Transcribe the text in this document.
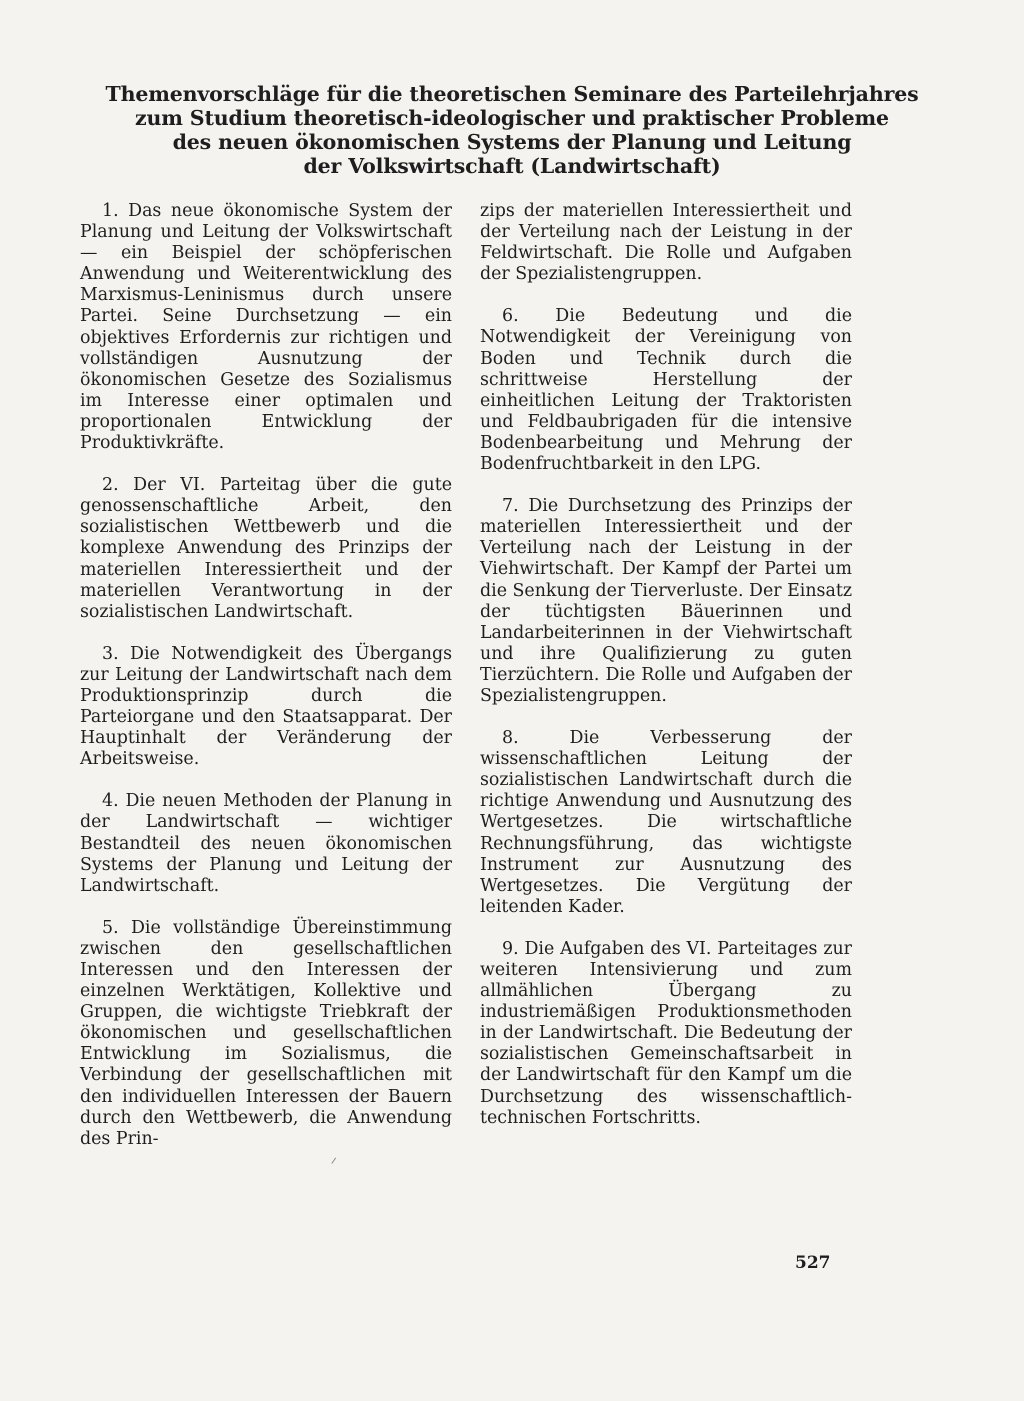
Themenvorschläge für die theoretischen Seminare des Parteilehrjahres
zum Studium theoretisch-ideologischer und praktischer Probleme
des neuen ökonomischen Systems der Planung und Leitung
der Volkswirtschaft (Landwirtschaft)

1. Das neue ökonomische System der Planung und Leitung der Volkswirtschaft — ein Beispiel der schöpferischen Anwendung und Weiterentwicklung des Marxismus-Leninismus durch unsere Partei. Seine Durchsetzung — ein objektives Erfordernis zur richtigen und vollständigen Ausnutzung der ökonomischen Gesetze des Sozialismus im Interesse einer optimalen und proportionalen Entwicklung der Produktivkräfte.

2. Der VI. Parteitag über die gute genossenschaftliche Arbeit, den sozialistischen Wettbewerb und die komplexe Anwendung des Prinzips der materiellen Interessiertheit und der materiellen Verantwortung in der sozialistischen Landwirtschaft.

3. Die Notwendigkeit des Übergangs zur Leitung der Landwirtschaft nach dem Produktionsprinzip durch die Parteiorgane und den Staatsapparat. Der Hauptinhalt der Veränderung der Arbeitsweise.

4. Die neuen Methoden der Planung in der Landwirtschaft — wichtiger Bestandteil des neuen ökonomischen Systems der Planung und Leitung der Landwirtschaft.

5. Die vollständige Übereinstimmung zwischen den gesellschaftlichen Interessen und den Interessen der einzelnen Werktätigen, Kollektive und Gruppen, die wichtigste Triebkraft der ökonomischen und gesellschaftlichen Entwicklung im Sozialismus, die Verbindung der gesellschaftlichen mit den individuellen Interessen der Bauern durch den Wettbewerb, die Anwendung des Prin-

zips der materiellen Interessiertheit und der Verteilung nach der Leistung in der Feldwirtschaft. Die Rolle und Aufgaben der Spezialistengruppen.

6. Die Bedeutung und die Notwendigkeit der Vereinigung von Boden und Technik durch die schrittweise Herstellung der einheitlichen Leitung der Traktoristen und Feldbaubrigaden für die intensive Bodenbearbeitung und Mehrung der Bodenfruchtbarkeit in den LPG.

7. Die Durchsetzung des Prinzips der materiellen Interessiertheit und der Verteilung nach der Leistung in der Viehwirtschaft. Der Kampf der Partei um die Senkung der Tierverluste. Der Einsatz der tüchtigsten Bäuerinnen und Landarbeiterinnen in der Viehwirtschaft und ihre Qualifizierung zu guten Tierzüchtern. Die Rolle und Aufgaben der Spezialistengruppen.

8. Die Verbesserung der wissenschaftlichen Leitung der sozialistischen Landwirtschaft durch die richtige Anwendung und Ausnutzung des Wertgesetzes. Die wirtschaftliche Rechnungsführung, das wichtigste Instrument zur Ausnutzung des Wertgesetzes. Die Vergütung der leitenden Kader.

9. Die Aufgaben des VI. Parteitages zur weiteren Intensivierung und zum allmählichen Übergang zu industriemäßigen Produktionsmethoden in der Landwirtschaft. Die Bedeutung der sozialistischen Gemeinschaftsarbeit in der Landwirtschaft für den Kampf um die Durchsetzung des wissenschaftlich-technischen Fortschritts.

527
